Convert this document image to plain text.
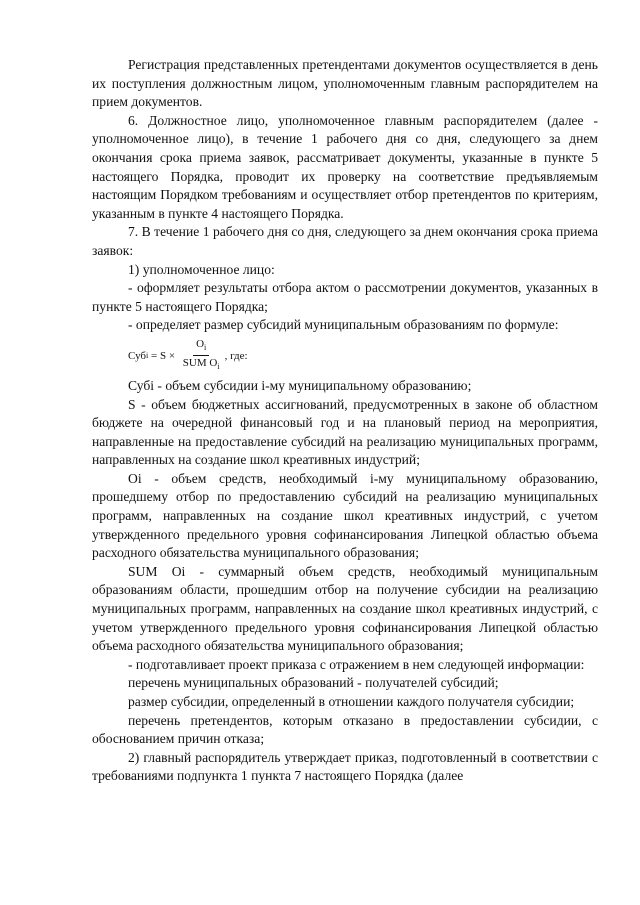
Регистрация представленных претендентами документов осуществляется в день их поступления должностным лицом, уполномоченным главным распорядителем на прием документов.

6. Должностное лицо, уполномоченное главным распорядителем (далее - уполномоченное лицо), в течение 1 рабочего дня со дня, следующего за днем окончания срока приема заявок, рассматривает документы, указанные в пункте 5 настоящего Порядка, проводит их проверку на соответствие предъявляемым настоящим Порядком требованиям и осуществляет отбор претендентов по критериям, указанным в пункте 4 настоящего Порядка.

7. В течение 1 рабочего дня со дня, следующего за днем окончания срока приема заявок:

1) уполномоченное лицо:

- оформляет результаты отбора актом о рассмотрении документов, указанных в пункте 5 настоящего Порядка;

- определяет размер субсидий муниципальным образованиям по формуле:

Суб $i = S \times \frac{O_i}{SUM O_i}$ , где:

Субi - объем субсидии i-му муниципальному образованию;

S - объем бюджетных ассигнований, предусмотренных в законе об областном бюджете на очередной финансовый год и на плановый период на мероприятия, направленные на предоставление субсидий на реализацию муниципальных программ, направленных на создание школ креативных индустрий;

Oi - объем средств, необходимый i-му муниципальному образованию, прошедшему отбор по предоставлению субсидий на реализацию муниципальных программ, направленных на создание школ креативных индустрий, с учетом утвержденного предельного уровня софинансирования Липецкой областью объема расходного обязательства муниципального образования;

SUM Oi - суммарный объем средств, необходимый муниципальным образованиям области, прошедшим отбор на получение субсидии на реализацию муниципальных программ, направленных на создание школ креативных индустрий, с учетом утвержденного предельного уровня софинансирования Липецкой областью объема расходного обязательства муниципального образования;

- подготавливает проект приказа с отражением в нем следующей информации:

перечень муниципальных образований - получателей субсидий;

размер субсидии, определенный в отношении каждого получателя субсидии;

перечень претендентов, которым отказано в предоставлении субсидии, с обоснованием причин отказа;

2) главный распорядитель утверждает приказ, подготовленный в соответствии с требованиями подпункта 1 пункта 7 настоящего Порядка (далее
